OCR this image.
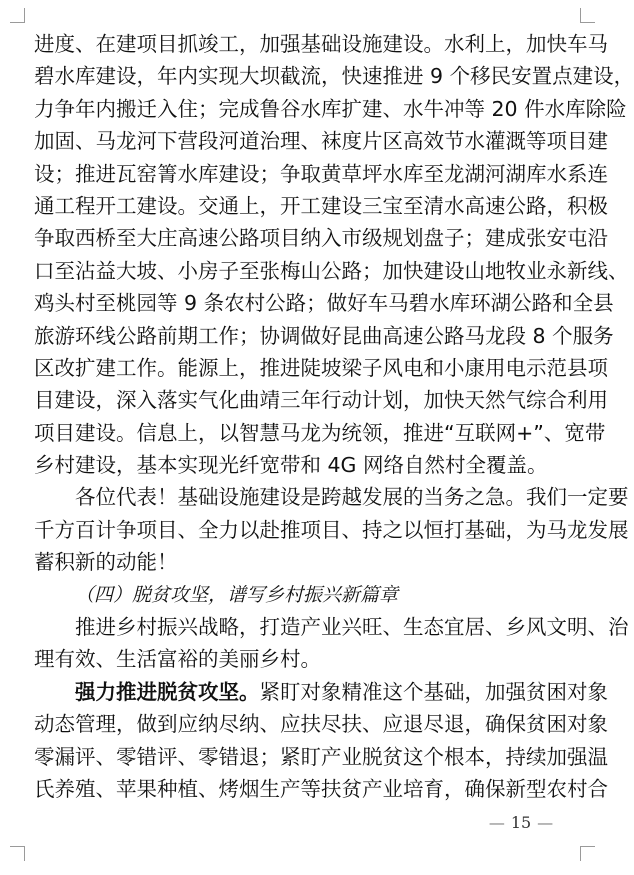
进度、在建项目抓竣工，加强基础设施建设。水利上，加快车马
碧水库建设，年内实现大坝截流，快速推进 9 个移民安置点建设，
力争年内搬迁入住；完成鲁谷水库扩建、水牛冲等 20 件水库除险
加固、马龙河下营段河道治理、袜度片区高效节水灌溉等项目建
设；推进瓦窑箐水库建设；争取黄草坪水库至龙湖河湖库水系连
通工程开工建设。交通上，开工建设三宝至清水高速公路，积极
争取西桥至大庄高速公路项目纳入市级规划盘子；建成张安屯沿
口至沾益大坡、小房子至张梅山公路；加快建设山地牧业永新线、
鸡头村至桃园等 9 条农村公路；做好车马碧水库环湖公路和全县
旅游环线公路前期工作；协调做好昆曲高速公路马龙段 8 个服务
区改扩建工作。能源上，推进陡坡梁子风电和小康用电示范县项
目建设，深入落实气化曲靖三年行动计划，加快天然气综合利用
项目建设。信息上，以智慧马龙为统领，推进“互联网+”、宽带
乡村建设，基本实现光纤宽带和 4G 网络自然村全覆盖。
各位代表！基础设施建设是跨越发展的当务之急。我们一定要
千方百计争项目、全力以赴推项目、持之以恒打基础，为马龙发展
蓄积新的动能！
（四）脱贫攻坚，谱写乡村振兴新篇章
推进乡村振兴战略，打造产业兴旺、生态宜居、乡风文明、治
理有效、生活富裕的美丽乡村。
强力推进脱贫攻坚。紧盯对象精准这个基础，加强贫困对象
动态管理，做到应纳尽纳、应扶尽扶、应退尽退，确保贫困对象
零漏评、零错评、零错退；紧盯产业脱贫这个根本，持续加强温
氏养殖、苹果种植、烤烟生产等扶贫产业培育，确保新型农村合
— 15 —
